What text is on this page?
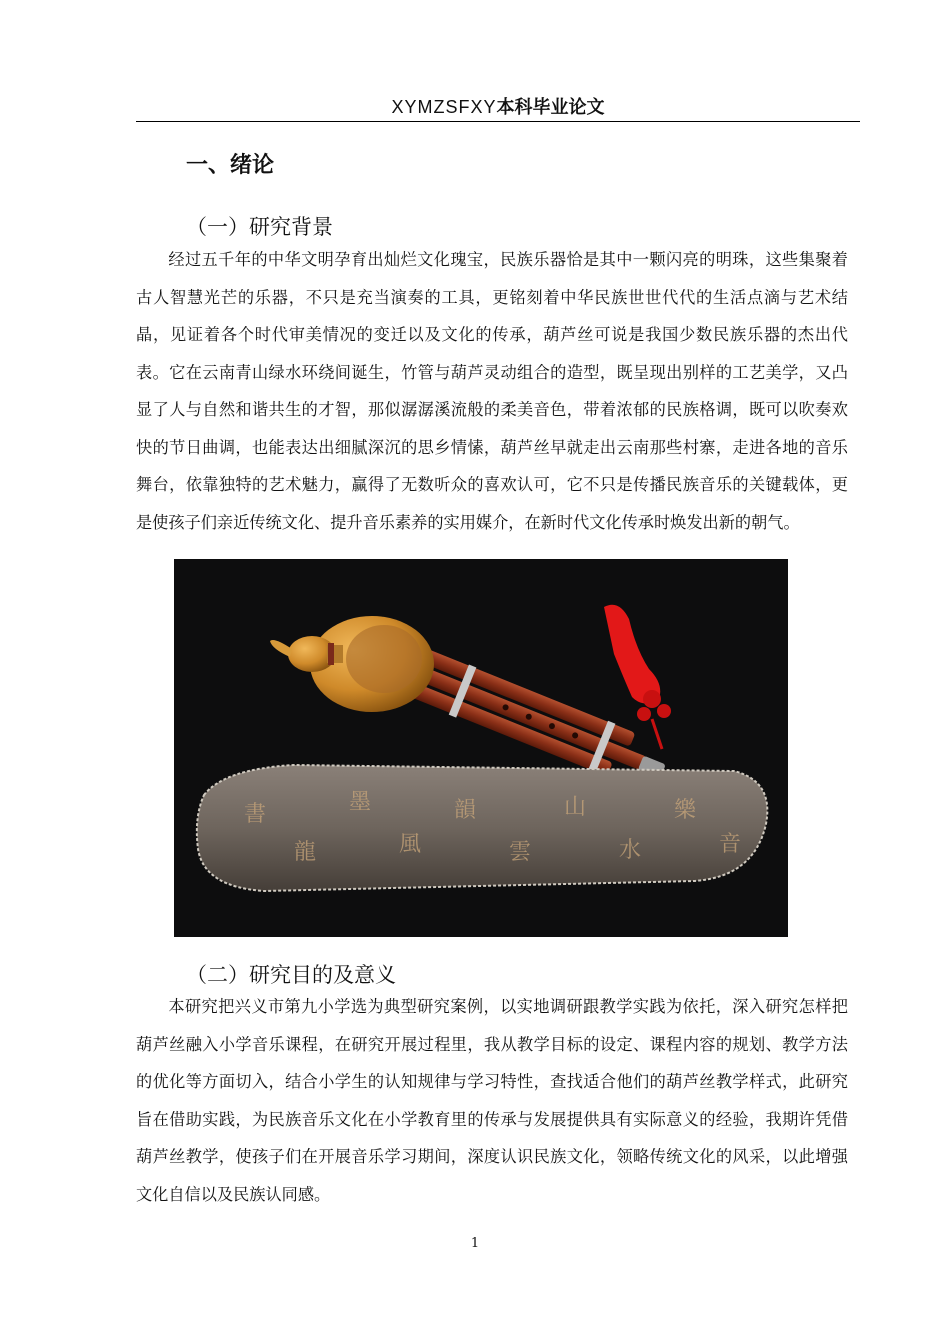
XYMZSFXY本科毕业论文
一、绪论
（一）研究背景

经过五千年的中华文明孕育出灿烂文化瑰宝，民族乐器恰是其中一颗闪亮的明珠，这些集聚着古人智慧光芒的乐器，不只是充当演奏的工具，更铭刻着中华民族世世代代的生活点滴与艺术结晶，见证着各个时代审美情况的变迁以及文化的传承，葫芦丝可说是我国少数民族乐器的杰出代表。它在云南青山绿水环绕间诞生，竹管与葫芦灵动组合的造型，既呈现出别样的工艺美学，又凸显了人与自然和谐共生的才智，那似潺潺溪流般的柔美音色，带着浓郁的民族格调，既可以吹奏欢快的节日曲调，也能表达出细腻深沉的思乡情愫，葫芦丝早就走出云南那些村寨，走进各地的音乐舞台，依靠独特的艺术魅力，赢得了无数听众的喜欢认可，它不只是传播民族音乐的关键载体，更是使孩子们亲近传统文化、提升音乐素养的实用媒介，在新时代文化传承时焕发出新的朝气。

書
龍
墨
風
韻
雲
山
水
樂
音
（二）研究目的及意义

本研究把兴义市第九小学选为典型研究案例，以实地调研跟教学实践为依托，深入研究怎样把葫芦丝融入小学音乐课程，在研究开展过程里，我从教学目标的设定、课程内容的规划、教学方法的优化等方面切入，结合小学生的认知规律与学习特性，查找适合他们的葫芦丝教学样式，此研究旨在借助实践，为民族音乐文化在小学教育里的传承与发展提供具有实际意义的经验，我期许凭借葫芦丝教学，使孩子们在开展音乐学习期间，深度认识民族文化，领略传统文化的风采，以此增强文化自信以及民族认同感。

1
